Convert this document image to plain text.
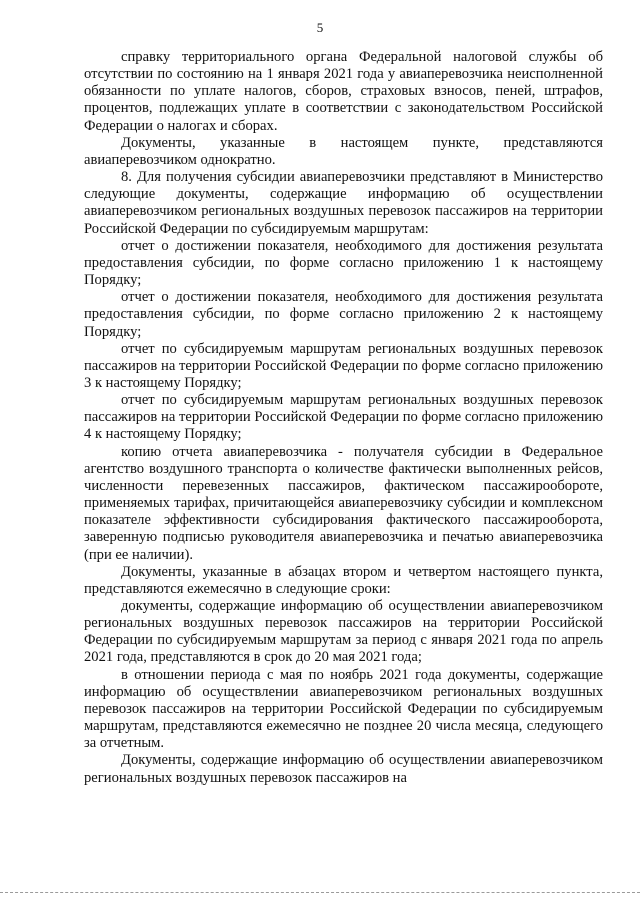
5

справку территориального органа Федеральной налоговой службы об отсутствии по состоянию на 1 января 2021 года у авиаперевозчика неисполненной обязанности по уплате налогов, сборов, страховых взносов, пеней, штрафов, процентов, подлежащих уплате в соответствии с законодательством Российской Федерации о налогах и сборах.

Документы, указанные в настоящем пункте, представляются авиаперевозчиком однократно.

8. Для получения субсидии авиаперевозчики представляют в Министерство следующие документы, содержащие информацию об осуществлении авиаперевозчиком региональных воздушных перевозок пассажиров на территории Российской Федерации по субсидируемым маршрутам:

отчет о достижении показателя, необходимого для достижения результата предоставления субсидии, по форме согласно приложению 1 к настоящему Порядку;

отчет о достижении показателя, необходимого для достижения результата предоставления субсидии, по форме согласно приложению 2 к настоящему Порядку;

отчет по субсидируемым маршрутам региональных воздушных перевозок пассажиров на территории Российской Федерации по форме согласно приложению 3 к настоящему Порядку;

отчет по субсидируемым маршрутам региональных воздушных перевозок пассажиров на территории Российской Федерации по форме согласно приложению 4 к настоящему Порядку;

копию отчета авиаперевозчика - получателя субсидии в Федеральное агентство воздушного транспорта о количестве фактически выполненных рейсов, численности перевезенных пассажиров, фактическом пассажирообороте, применяемых тарифах, причитающейся авиаперевозчику субсидии и комплексном показателе эффективности субсидирования фактического пассажирооборота, заверенную подписью руководителя авиаперевозчика и печатью авиаперевозчика (при ее наличии).

Документы, указанные в абзацах втором и четвертом настоящего пункта, представляются ежемесячно в следующие сроки:

документы, содержащие информацию об осуществлении авиаперевозчиком региональных воздушных перевозок пассажиров на территории Российской Федерации по субсидируемым маршрутам за период с января 2021 года по апрель 2021 года, представляются в срок до 20 мая 2021 года;

в отношении периода с мая по ноябрь 2021 года документы, содержащие информацию об осуществлении авиаперевозчиком региональных воздушных перевозок пассажиров на территории Российской Федерации по субсидируемым маршрутам, представляются ежемесячно не позднее 20 числа месяца, следующего за отчетным.

Документы, содержащие информацию об осуществлении авиаперевозчиком региональных воздушных перевозок пассажиров на
